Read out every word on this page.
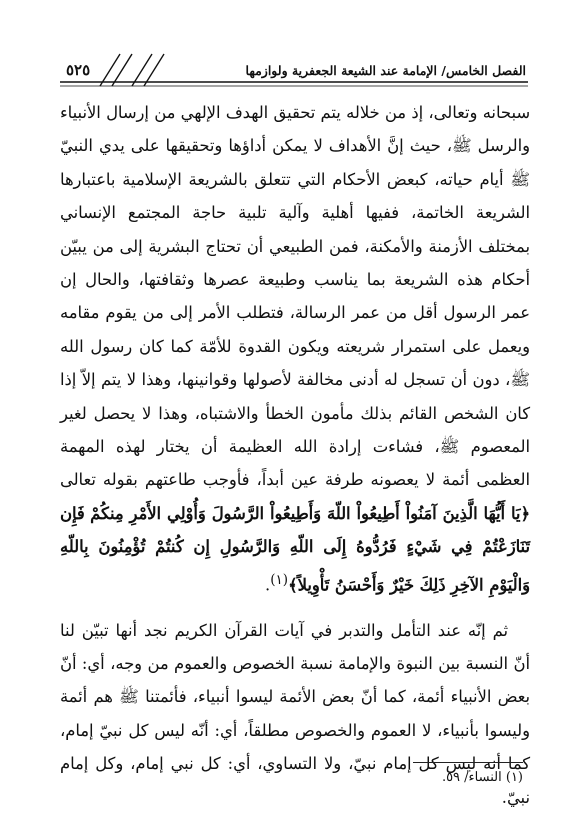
٥٢٥	الفصل الخامس/ الإمامة عند الشيعة الجعفرية ولوازمها

سبحانه وتعالى، إذ من خلاله يتم تحقيق الهدف الإلهي من إرسال الأنبياء والرسل ﷺ، حيث إنَّ الأهداف لا يمكن أداؤها وتحقيقها على يدي النبيّ ﷺ أيام حياته، كبعض الأحكام التي تتعلق بالشريعة الإسلامية باعتبارها الشريعة الخاتمة، ففيها أهلية وآلية تلبية حاجة المجتمع الإنساني بمختلف الأزمنة والأمكنة، فمن الطبيعي أن تحتاج البشرية إلى من يبيّن أحكام هذه الشريعة بما يناسب وطبيعة عصرها وثقافتها، والحال إن عمر الرسول أقل من عمر الرسالة، فتطلب الأمر إلى من يقوم مقامه ويعمل على استمرار شريعته ويكون القدوة للأمّة كما كان رسول الله ﷺ، دون أن تسجل له أدنى مخالفة لأصولها وقوانينها، وهذا لا يتم إلاّ إذا كان الشخص القائم بذلك مأمون الخطأ والاشتباه، وهذا لا يحصل لغير المعصوم ﷺ، فشاءت إرادة الله العظيمة أن يختار لهذه المهمة العظمى أئمة لا يعصونه طرفة عين أبداً، فأوجب طاعتهم بقوله تعالى ﴿يَا أَيُّهَا الَّذِينَ آمَنُواْ أَطِيعُواْ اللّهَ وَأَطِيعُواْ الرَّسُولَ وَأُوْلِي الأَمْرِ مِنكُمْ فَإِن تَنَازَعْتُمْ فِي شَيْءٍ فَرُدُّوهُ إِلَى اللّهِ وَالرَّسُولِ إِن كُنتُمْ تُؤْمِنُونَ بِاللّهِ وَالْيَوْمِ الآخِرِ ذَلِكَ خَيْرٌ وَأَحْسَنُ تَأْوِيلاً﴾$^{(١)}$.

ثم إنّه عند التأمل والتدبر في آيات القرآن الكريم نجد أنها تبيّن لنا أنّ النسبة بين النبوة والإمامة نسبة الخصوص والعموم من وجه، أي: أنّ بعض الأنبياء أئمة، كما أنّ بعض الأئمة ليسوا أنبياء، فأئمتنا ﷺ هم أئمة وليسوا بأنبياء، لا العموم والخصوص مطلقاً، أي: أنّه ليس كل نبيّ إمام، كما أنه ليس كل إمام نبيّ، ولا التساوي، أي: كل نبي إمام، وكل إمام نبيّ.

(١) النساء/ ٥٩.
